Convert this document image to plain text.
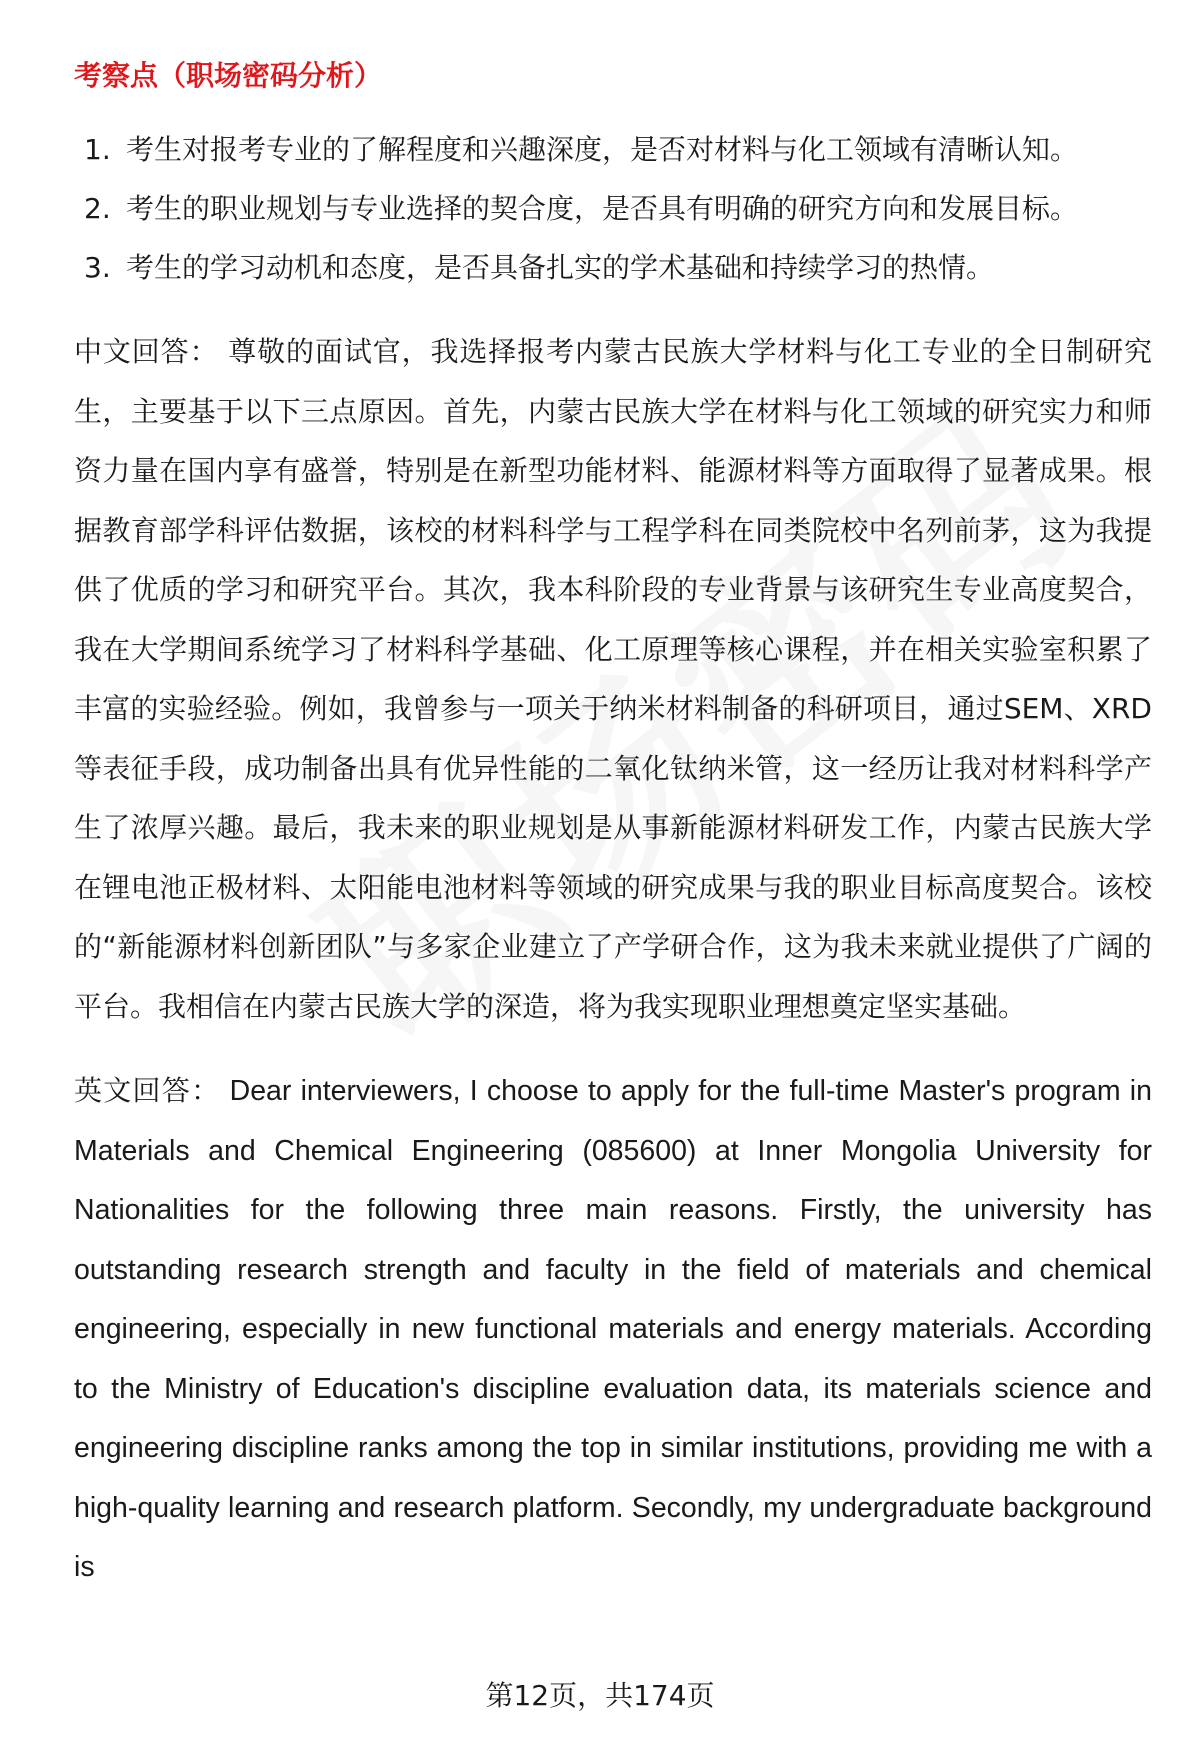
考察点（职场密码分析）
1. 考生对报考专业的了解程度和兴趣深度，是否对材料与化工领域有清晰认知。
2. 考生的职业规划与专业选择的契合度，是否具有明确的研究方向和发展目标。
3. 考生的学习动机和态度，是否具备扎实的学术基础和持续学习的热情。

中文回答： 尊敬的面试官，我选择报考内蒙古民族大学材料与化工专业的全日制研究生，主要基于以下三点原因。首先，内蒙古民族大学在材料与化工领域的研究实力和师资力量在国内享有盛誉，特别是在新型功能材料、能源材料等方面取得了显著成果。根据教育部学科评估数据，该校的材料科学与工程学科在同类院校中名列前茅，这为我提供了优质的学习和研究平台。其次，我本科阶段的专业背景与该研究生专业高度契合，我在大学期间系统学习了材料科学基础、化工原理等核心课程，并在相关实验室积累了丰富的实验经验。例如，我曾参与一项关于纳米材料制备的科研项目，通过SEM、XRD等表征手段，成功制备出具有优异性能的二氧化钛纳米管，这一经历让我对材料科学产生了浓厚兴趣。最后，我未来的职业规划是从事新能源材料研发工作，内蒙古民族大学在锂电池正极材料、太阳能电池材料等领域的研究成果与我的职业目标高度契合。该校的“新能源材料创新团队”与多家企业建立了产学研合作，这为我未来就业提供了广阔的平台。我相信在内蒙古民族大学的深造，将为我实现职业理想奠定坚实基础。

英文回答： Dear interviewers, I choose to apply for the full-time Master's program in Materials and Chemical Engineering (085600) at Inner Mongolia University for Nationalities for the following three main reasons. Firstly, the university has outstanding research strength and faculty in the field of materials and chemical engineering, especially in new functional materials and energy materials. According to the Ministry of Education's discipline evaluation data, its materials science and engineering discipline ranks among the top in similar institutions, providing me with a high-quality learning and research platform. Secondly, my undergraduate background is

第12页，共174页
